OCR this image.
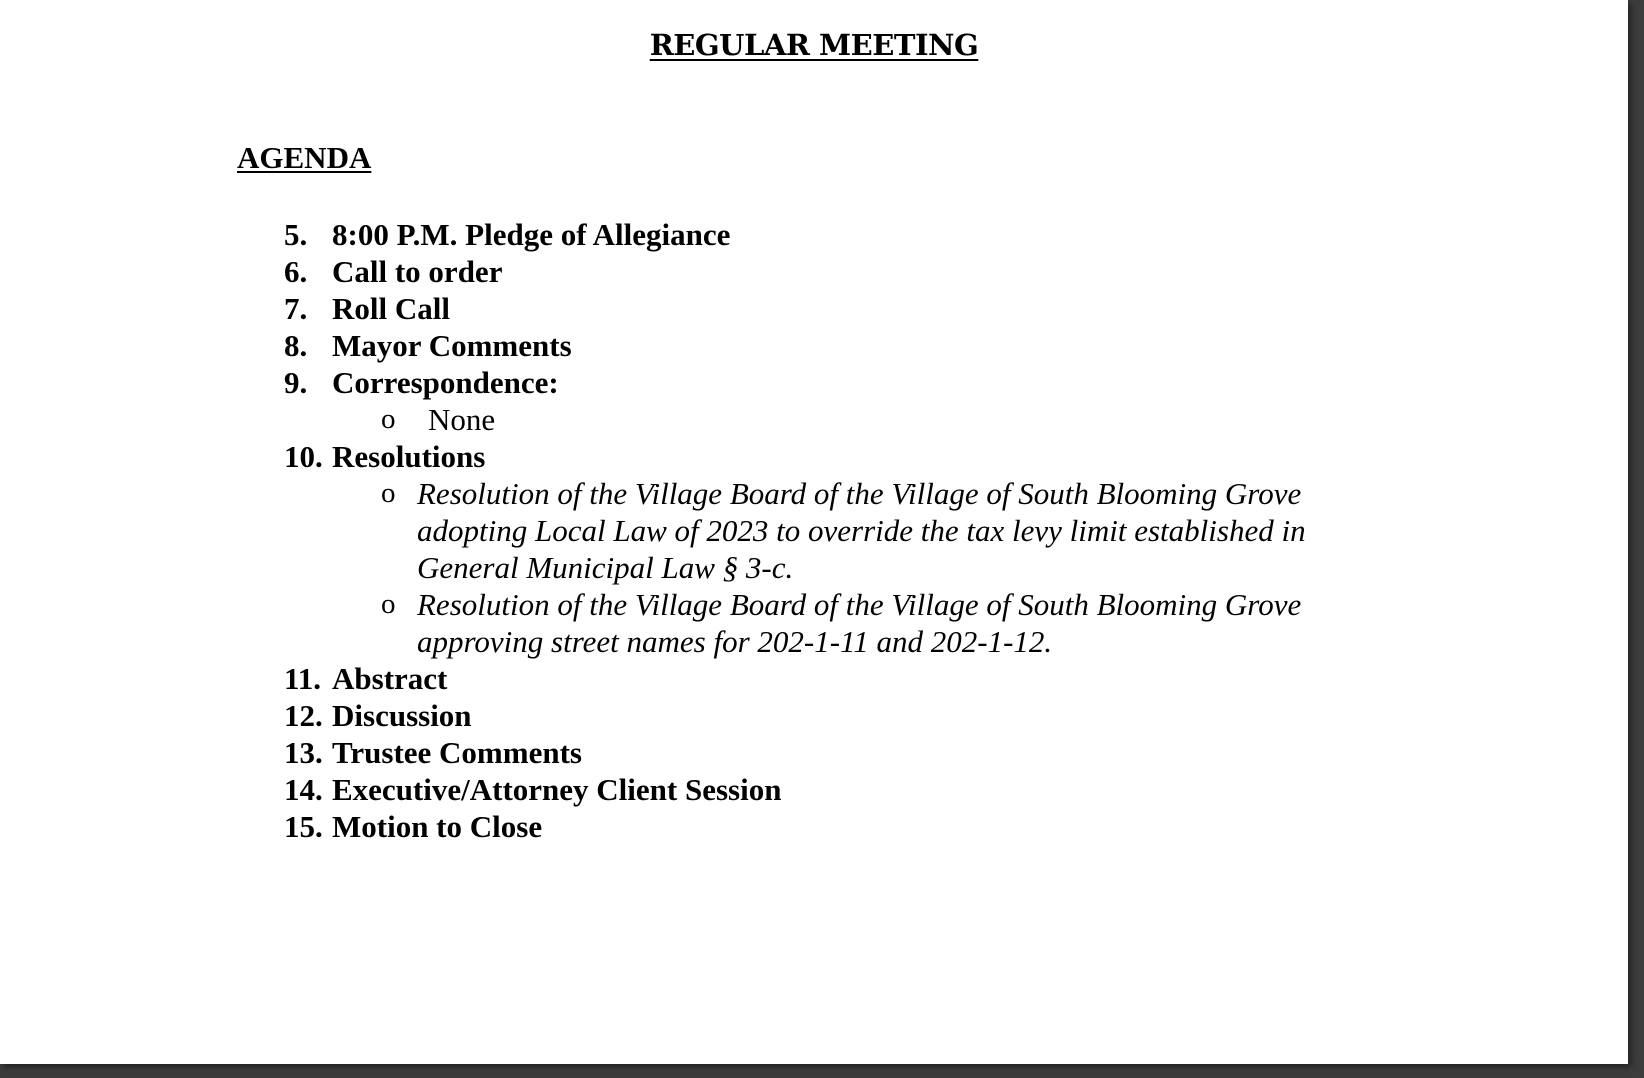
REGULAR MEETING
AGENDA
5. 8:00 P.M. Pledge of Allegiance
6. Call to order
7. Roll Call
8. Mayor Comments
9. Correspondence:
o None
10. Resolutions
o Resolution of the Village Board of the Village of South Blooming Grove adopting Local Law of 2023 to override the tax levy limit established in General Municipal Law § 3-c.
o Resolution of the Village Board of the Village of South Blooming Grove approving street names for 202-1-11 and 202-1-12.
11. Abstract
12. Discussion
13. Trustee Comments
14. Executive/Attorney Client Session
15. Motion to Close
